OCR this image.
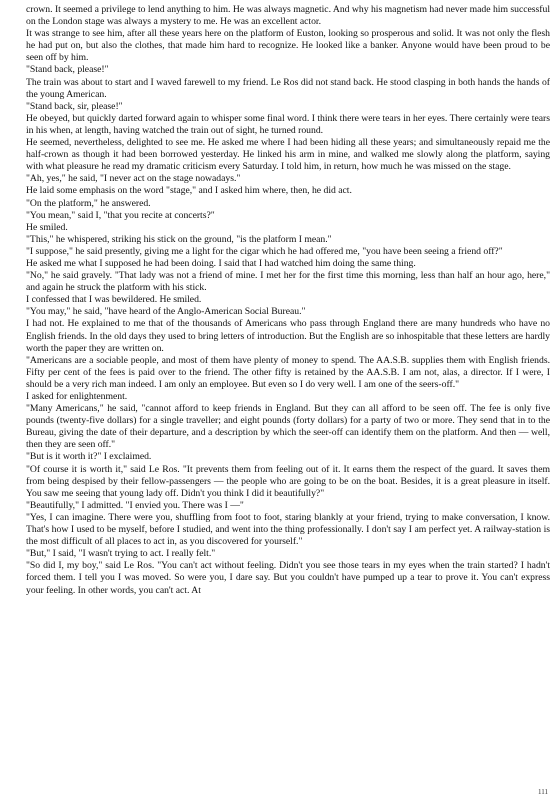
crown. It seemed a privilege to lend anything to him. He was always magnetic. And why his magnetism had never made him successful on the London stage was always a mystery to me. He was an excellent actor.

It was strange to see him, after all these years here on the platform of Euston, looking so prosperous and solid. It was not only the flesh he had put on, but also the clothes, that made him hard to recognize. He looked like a banker. Anyone would have been proud to be seen off by him.

"Stand back, please!"

The train was about to start and I waved farewell to my friend. Le Ros did not stand back. He stood clasping in both hands the hands of the young American.

"Stand back, sir, please!"

He obeyed, but quickly darted forward again to whisper some final word. I think there were tears in her eyes. There certainly were tears in his when, at length, having watched the train out of sight, he turned round.

He seemed, nevertheless, delighted to see me. He asked me where I had been hiding all these years; and simultaneously repaid me the half-crown as though it had been borrowed yesterday. He linked his arm in mine, and walked me slowly along the platform, saying with what pleasure he read my dramatic criticism every Saturday. I told him, in return, how much he was missed on the stage.

"Ah, yes," he said, "I never act on the stage nowadays."

He laid some emphasis on the word "stage," and I asked him where, then, he did act.

"On the platform," he answered.

"You mean," said I, "that you recite at concerts?"

He smiled.

"This," he whispered, striking his stick on the ground, "is the platform I mean."

"I suppose," he said presently, giving me a light for the cigar which he had offered me, "you have been seeing a friend off?"

He asked me what I supposed he had been doing. I said that I had watched him doing the same thing.

"No," he said gravely. "That lady was not a friend of mine. I met her for the first time this morning, less than half an hour ago, here," and again he struck the platform with his stick.

I confessed that I was bewildered. He smiled.

"You may," he said, "have heard of the Anglo-American Social Bureau."

I had not. He explained to me that of the thousands of Americans who pass through England there are many hundreds who have no English friends. In the old days they used to bring letters of introduction. But the English are so inhospitable that these letters are hardly worth the paper they are written on.

"Americans are a sociable people, and most of them have plenty of money to spend. The AA.S.B. supplies them with English friends. Fifty per cent of the fees is paid over to the friend. The other fifty is retained by the AA.S.B. I am not, alas, a director. If I were, I should be a very rich man indeed. I am only an employee. But even so I do very well. I am one of the seers-off."

I asked for enlightenment.

"Many Americans," he said, "cannot afford to keep friends in England. But they can all afford to be seen off. The fee is only five pounds (twenty-five dollars) for a single traveller; and eight pounds (forty dollars) for a party of two or more. They send that in to the Bureau, giving the date of their departure, and a description by which the seer-off can identify them on the platform. And then — well, then they are seen off."

"But is it worth it?" I exclaimed.

"Of course it is worth it," said Le Ros. "It prevents them from feeling out of it. It earns them the respect of the guard. It saves them from being despised by their fellow-passengers — the people who are going to be on the boat. Besides, it is a great pleasure in itself. You saw me seeing that young lady off. Didn't you think I did it beautifully?"

"Beautifully," I admitted. "I envied you. There was I —"

"Yes, I can imagine. There were you, shuffling from foot to foot, staring blankly at your friend, trying to make conversation, I know. That's how I used to be myself, before I studied, and went into the thing professionally. I don't say I am perfect yet. A railway-station is the most difficult of all places to act in, as you discovered for yourself."

"But," I said, "I wasn't trying to act. I really felt."

"So did I, my boy," said Le Ros. "You can't act without feeling. Didn't you see those tears in my eyes when the train started? I hadn't forced them. I tell you I was moved. So were you, I dare say. But you couldn't have pumped up a tear to prove it. You can't express your feeling. In other words, you can't act. At

111
